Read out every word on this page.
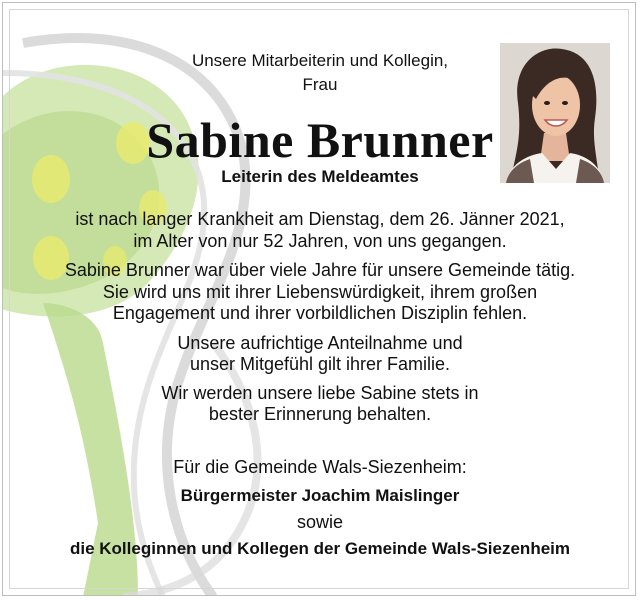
Unsere Mitarbeiterin und Kollegin,
Frau
Sabine Brunner
Leiterin des Meldeamtes
ist nach langer Krankheit am Dienstag, dem 26. Jänner 2021,
im Alter von nur 52 Jahren, von uns gegangen.
Sabine Brunner war über viele Jahre für unsere Gemeinde tätig.
Sie wird uns mit ihrer Liebenswürdigkeit, ihrem großen
Engagement und ihrer vorbildlichen Disziplin fehlen.
Unsere aufrichtige Anteilnahme und
unser Mitgefühl gilt ihrer Familie.
Wir werden unsere liebe Sabine stets in
bester Erinnerung behalten.
Für die Gemeinde Wals-Siezenheim:
Bürgermeister Joachim Maislinger
sowie
die Kolleginnen und Kollegen der Gemeinde Wals-Siezenheim
